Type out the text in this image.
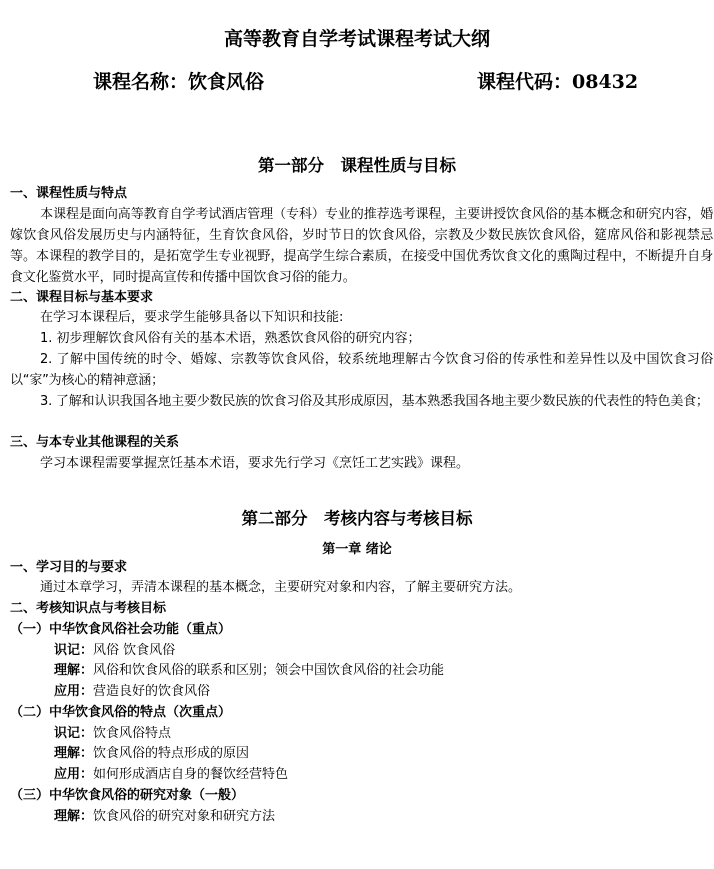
高等教育自学考试课程考试大纲
课程名称：饮食风俗	课程代码：08432
第一部分　课程性质与目标
一、课程性质与特点
本课程是面向高等教育自学考试酒店管理（专科）专业的推荐选考课程，主要讲授饮食风俗的基本概念和研究内容，婚嫁饮食风俗发展历史与内涵特征，生育饮食风俗，岁时节日的饮食风俗，宗教及少数民族饮食风俗，筵席风俗和影视禁忌等。本课程的教学目的，是拓宽学生专业视野，提高学生综合素质，在接受中国优秀饮食文化的熏陶过程中，不断提升自身食文化鉴赏水平，同时提高宣传和传播中国饮食习俗的能力。
二、课程目标与基本要求
在学习本课程后，要求学生能够具备以下知识和技能:
1. 初步理解饮食风俗有关的基本术语，熟悉饮食风俗的研究内容；
2. 了解中国传统的时令、婚嫁、宗教等饮食风俗，较系统地理解古今饮食习俗的传承性和差异性以及中国饮食习俗以“家”为核心的精神意涵；
3. 了解和认识我国各地主要少数民族的饮食习俗及其形成原因，基本熟悉我国各地主要少数民族的代表性的特色美食；
三、与本专业其他课程的关系
学习本课程需要掌握烹饪基本术语，要求先行学习《烹饪工艺实践》课程。
第二部分　考核内容与考核目标
第一章 绪论
一、学习目的与要求
通过本章学习，弄清本课程的基本概念，主要研究对象和内容，了解主要研究方法。
二、考核知识点与考核目标
（一）中华饮食风俗社会功能（重点）
识记：风俗 饮食风俗
理解：风俗和饮食风俗的联系和区别；领会中国饮食风俗的社会功能
应用：营造良好的饮食风俗
（二）中华饮食风俗的特点（次重点）
识记：饮食风俗特点
理解：饮食风俗的特点形成的原因
应用：如何形成酒店自身的餐饮经营特色
（三）中华饮食风俗的研究对象（一般）
理解：饮食风俗的研究对象和研究方法
